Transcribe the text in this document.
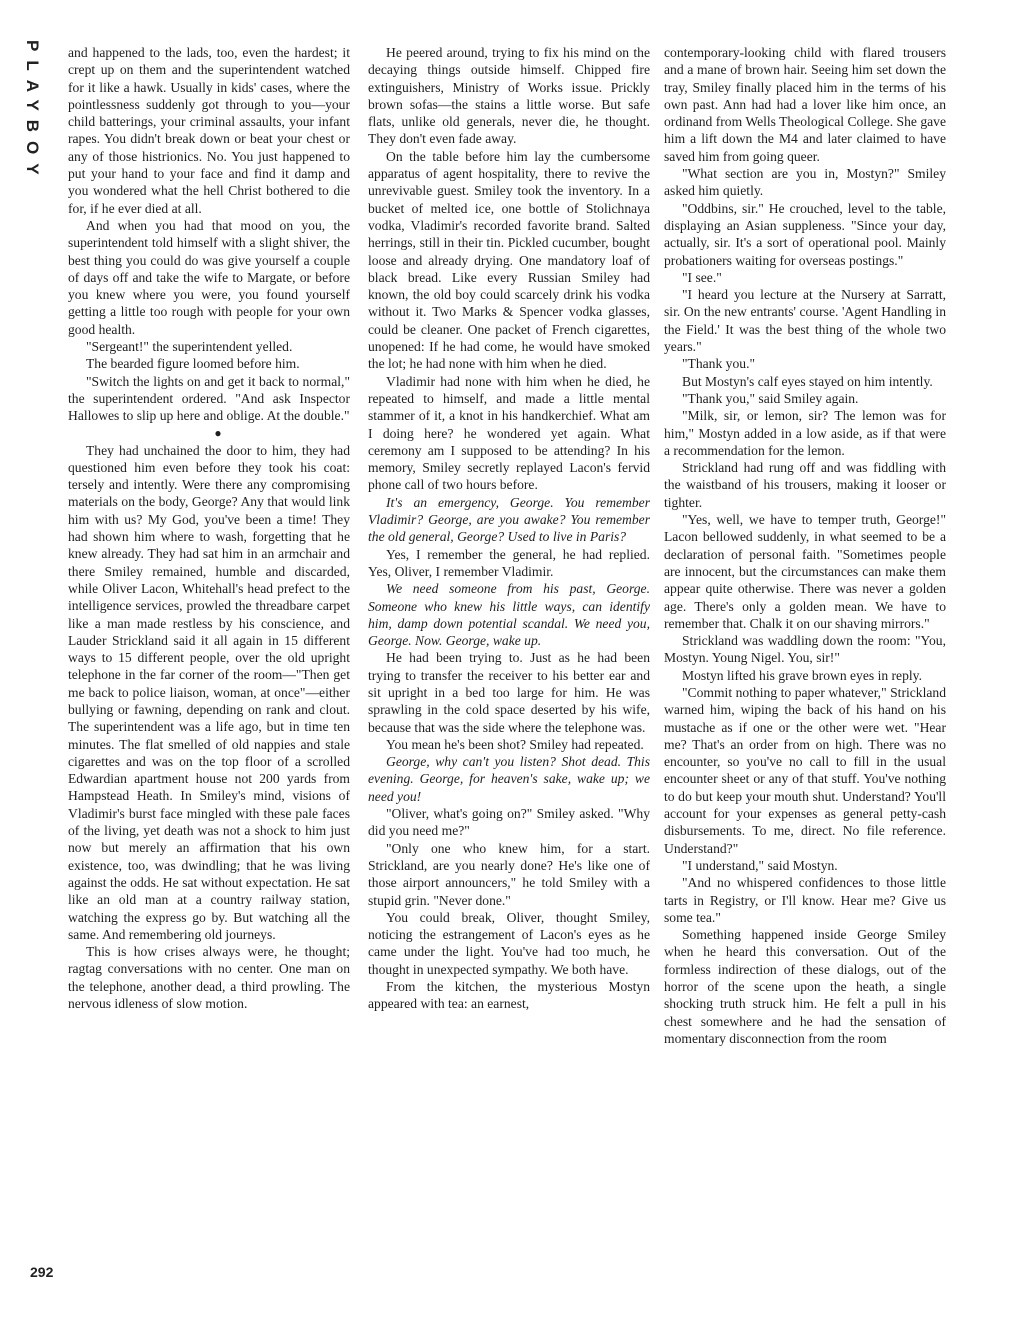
PLAYBOY and happened to the lads, too, even the hardest; it crept up on them and the superintendent watched for it like a hawk. Usually in kids' cases, where the pointlessness suddenly got through to you—your child batterings, your criminal assaults, your infant rapes. You didn't break down or beat your chest or any of those histrionics. No. You just happened to put your hand to your face and find it damp and you wondered what the hell Christ bothered to die for, if he ever died at all.

And when you had that mood on you, the superintendent told himself with a slight shiver, the best thing you could do was give yourself a couple of days off and take the wife to Margate, or before you knew where you were, you found yourself getting a little too rough with people for your own good health.

"Sergeant!" the superintendent yelled.

The bearded figure loomed before him.

"Switch the lights on and get it back to normal," the superintendent ordered. "And ask Inspector Hallowes to slip up here and oblige. At the double."

●

They had unchained the door to him, they had questioned him even before they took his coat: tersely and intently. Were there any compromising materials on the body, George? Any that would link him with us? My God, you've been a time! They had shown him where to wash, forgetting that he knew already. They had sat him in an armchair and there Smiley remained, humble and discarded, while Oliver Lacon, Whitehall's head prefect to the intelligence services, prowled the threadbare carpet like a man made restless by his conscience, and Lauder Strickland said it all again in 15 different ways to 15 different people, over the old upright telephone in the far corner of the room—"Then get me back to police liaison, woman, at once"—either bullying or fawning, depending on rank and clout. The superintendent was a life ago, but in time ten minutes. The flat smelled of old nappies and stale cigarettes and was on the top floor of a scrolled Edwardian apartment house not 200 yards from Hampstead Heath. In Smiley's mind, visions of Vladimir's burst face mingled with these pale faces of the living, yet death was not a shock to him just now but merely an affirmation that his own existence, too, was dwindling; that he was living against the odds. He sat without expectation. He sat like an old man at a country railway station, watching the express go by. But watching all the same. And remembering old journeys.

This is how crises always were, he thought; ragtag conversations with no center. One man on the telephone, another dead, a third prowling. The nervous idleness of slow motion.

He peered around, trying to fix his mind on the decaying things outside himself. Chipped fire extinguishers, Ministry of Works issue. Prickly brown sofas—the stains a little worse. But safe flats, unlike old generals, never die, he thought. They don't even fade away.

On the table before him lay the cumbersome apparatus of agent hospitality, there to revive the unrevivable guest. Smiley took the inventory. In a bucket of melted ice, one bottle of Stolichnaya vodka, Vladimir's recorded favorite brand. Salted herrings, still in their tin. Pickled cucumber, bought loose and already drying. One mandatory loaf of black bread. Like every Russian Smiley had known, the old boy could scarcely drink his vodka without it. Two Marks & Spencer vodka glasses, could be cleaner. One packet of French cigarettes, unopened: If he had come, he would have smoked the lot; he had none with him when he died.

Vladimir had none with him when he died, he repeated to himself, and made a little mental stammer of it, a knot in his handkerchief. What am I doing here? he wondered yet again. What ceremony am I supposed to be attending? In his memory, Smiley secretly replayed Lacon's fervid phone call of two hours before.

It's an emergency, George. You remember Vladimir? George, are you awake? You remember the old general, George? Used to live in Paris?

Yes, I remember the general, he had replied. Yes, Oliver, I remember Vladimir.

We need someone from his past, George. Someone who knew his little ways, can identify him, damp down potential scandal. We need you, George. Now. George, wake up.

He had been trying to. Just as he had been trying to transfer the receiver to his better ear and sit upright in a bed too large for him. He was sprawling in the cold space deserted by his wife, because that was the side where the telephone was.

You mean he's been shot? Smiley had repeated.

George, why can't you listen? Shot dead. This evening. George, for heaven's sake, wake up; we need you!

"Oliver, what's going on?" Smiley asked. "Why did you need me?"

"Only one who knew him, for a start. Strickland, are you nearly done? He's like one of those airport announcers," he told Smiley with a stupid grin. "Never done."

You could break, Oliver, thought Smiley, noticing the estrangement of Lacon's eyes as he came under the light. You've had too much, he thought in unexpected sympathy. We both have.

From the kitchen, the mysterious Mostyn appeared with tea: an earnest,

contemporary-looking child with flared trousers and a mane of brown hair. Seeing him set down the tray, Smiley finally placed him in the terms of his own past. Ann had had a lover like him once, an ordinand from Wells Theological College. She gave him a lift down the M4 and later claimed to have saved him from going queer.

"What section are you in, Mostyn?" Smiley asked him quietly.

"Oddbins, sir." He crouched, level to the table, displaying an Asian suppleness. "Since your day, actually, sir. It's a sort of operational pool. Mainly probationers waiting for overseas postings."

"I see."

"I heard you lecture at the Nursery at Sarratt, sir. On the new entrants' course. 'Agent Handling in the Field.' It was the best thing of the whole two years."

"Thank you."

But Mostyn's calf eyes stayed on him intently.

"Thank you," said Smiley again.

"Milk, sir, or lemon, sir? The lemon was for him," Mostyn added in a low aside, as if that were a recommendation for the lemon.

Strickland had rung off and was fiddling with the waistband of his trousers, making it looser or tighter.

"Yes, well, we have to temper truth, George!" Lacon bellowed suddenly, in what seemed to be a declaration of personal faith. "Sometimes people are innocent, but the circumstances can make them appear quite otherwise. There was never a golden age. There's only a golden mean. We have to remember that. Chalk it on our shaving mirrors."

Strickland was waddling down the room: "You, Mostyn. Young Nigel. You, sir!"

Mostyn lifted his grave brown eyes in reply.

"Commit nothing to paper whatever," Strickland warned him, wiping the back of his hand on his mustache as if one or the other were wet. "Hear me? That's an order from on high. There was no encounter, so you've no call to fill in the usual encounter sheet or any of that stuff. You've nothing to do but keep your mouth shut. Understand? You'll account for your expenses as general petty-cash disbursements. To me, direct. No file reference. Understand?"

"I understand," said Mostyn.

"And no whispered confidences to those little tarts in Registry, or I'll know. Hear me? Give us some tea."

Something happened inside George Smiley when he heard this conversation. Out of the formless indirection of these dialogs, out of the horror of the scene upon the heath, a single shocking truth struck him. He felt a pull in his chest somewhere and he had the sensation of momentary disconnection from the room

292
